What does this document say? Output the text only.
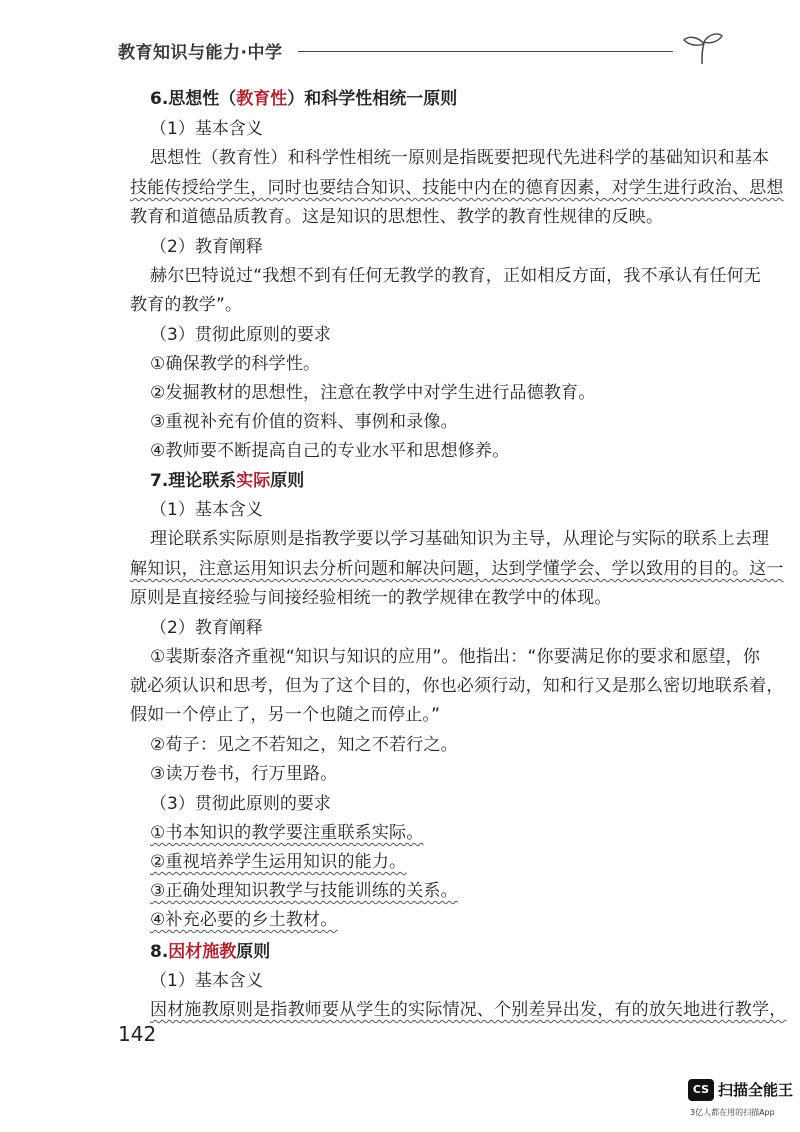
教育知识与能力·中学
6.思想性（教育性）和科学性相统一原则
（1）基本含义
思想性（教育性）和科学性相统一原则是指既要把现代先进科学的基础知识和基本
技能传授给学生，同时也要结合知识、技能中内在的德育因素，对学生进行政治、思想
教育和道德品质教育。这是知识的思想性、教学的教育性规律的反映。
（2）教育阐释
赫尔巴特说过“我想不到有任何无教学的教育，正如相反方面，我不承认有任何无
教育的教学”。
（3）贯彻此原则的要求
①确保教学的科学性。
②发掘教材的思想性，注意在教学中对学生进行品德教育。
③重视补充有价值的资料、事例和录像。
④教师要不断提高自己的专业水平和思想修养。
7.理论联系实际原则
（1）基本含义
理论联系实际原则是指教学要以学习基础知识为主导，从理论与实际的联系上去理
解知识，注意运用知识去分析问题和解决问题，达到学懂学会、学以致用的目的。这一
原则是直接经验与间接经验相统一的教学规律在教学中的体现。
（2）教育阐释
①裴斯泰洛齐重视“知识与知识的应用”。他指出：“你要满足你的要求和愿望，你
就必须认识和思考，但为了这个目的，你也必须行动，知和行又是那么密切地联系着，
假如一个停止了，另一个也随之而停止。”
②荀子：见之不若知之，知之不若行之。
③读万卷书，行万里路。
（3）贯彻此原则的要求
①书本知识的教学要注重联系实际。
②重视培养学生运用知识的能力。
③正确处理知识教学与技能训练的关系。
④补充必要的乡土教材。
8.因材施教原则
（1）基本含义
因材施教原则是指教师要从学生的实际情况、个别差异出发，有的放矢地进行教学，
142
CS 扫描全能王
3亿人都在用的扫描App
